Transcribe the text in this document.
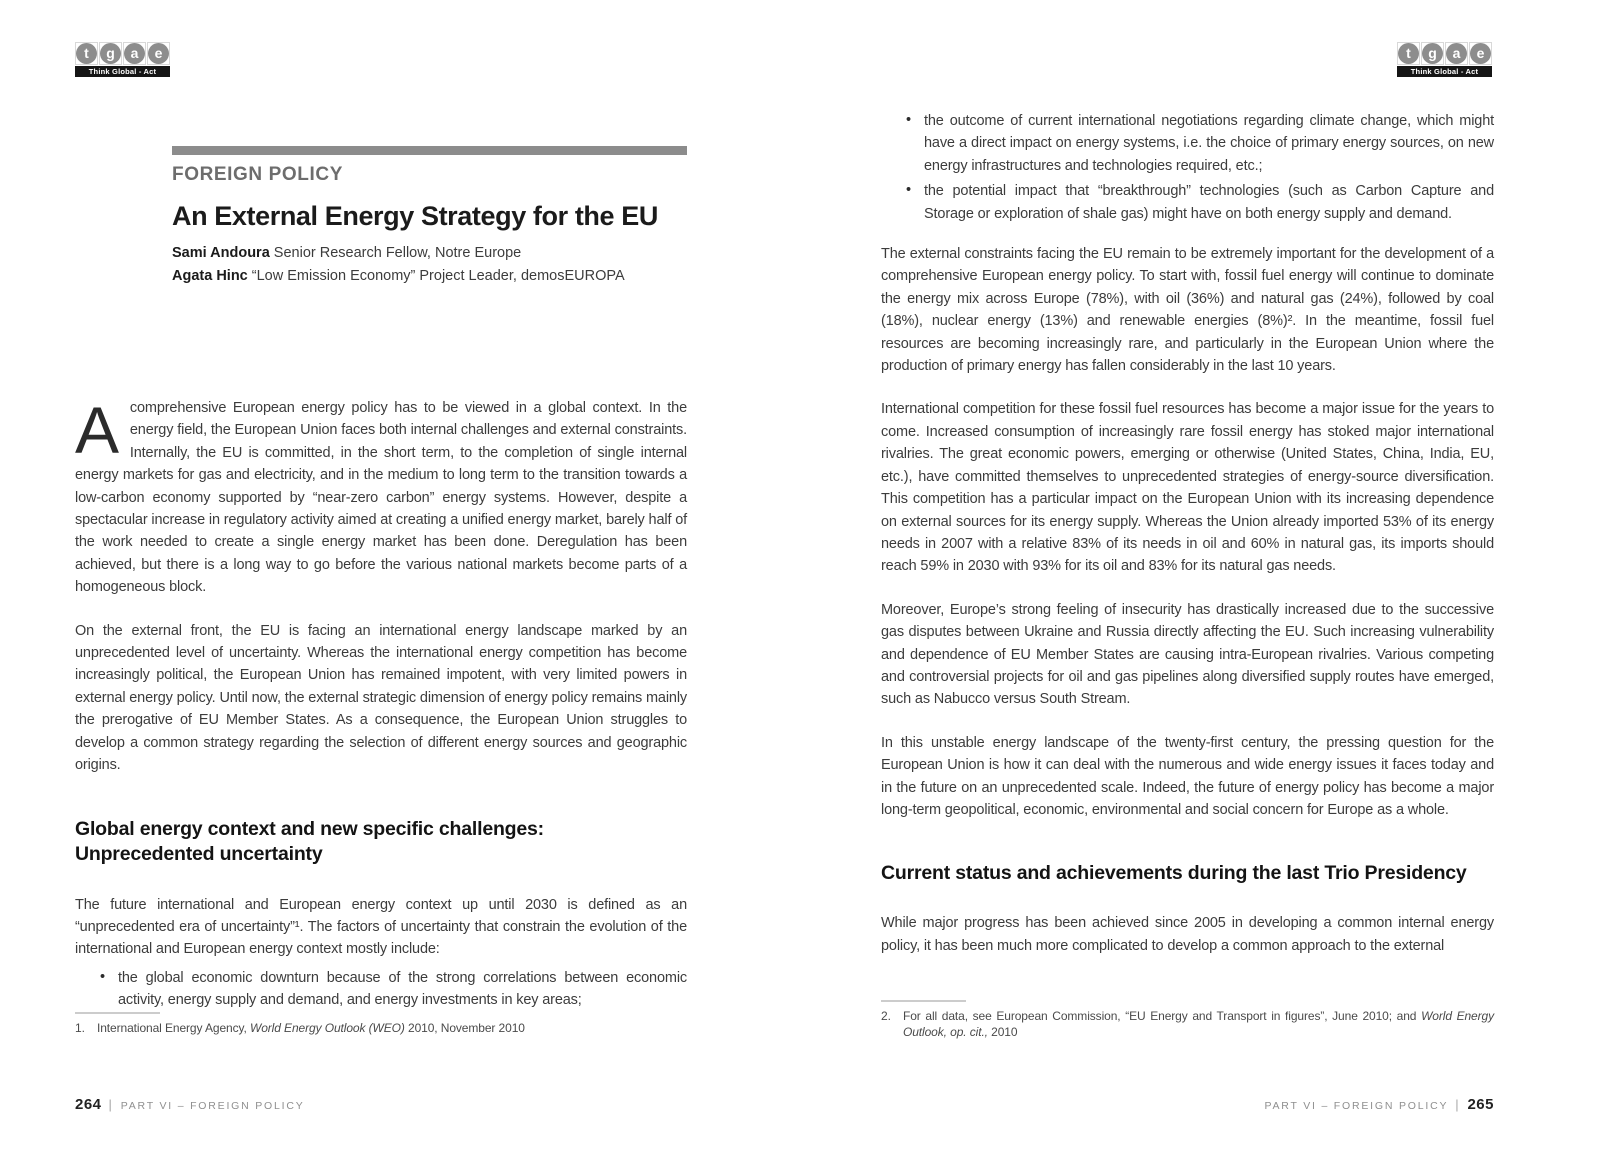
t	g	a	e
Think Global - Act European
t	g	a	e
Think Global - Act European
FOREIGN POLICY
An External Energy Strategy for the EU
Sami Andoura Senior Research Fellow, Notre Europe
Agata Hinc “Low Emission Economy” Project Leader, demosEUROPA

Acomprehensive European energy policy has to be viewed in a global context. In the energy field, the European Union faces both internal challenges and external constraints. Internally, the EU is committed, in the short term, to the completion of single internal energy markets for gas and electricity, and in the medium to long term to the transition towards a low-carbon economy supported by “near-zero carbon” energy systems. However, despite a spectacular increase in regulatory activity aimed at creating a unified energy market, barely half of the work needed to create a single energy market has been done. Deregulation has been achieved, but there is a long way to go before the various national markets become parts of a homogeneous block.

On the external front, the EU is facing an international energy landscape marked by an unprecedented level of uncertainty. Whereas the international energy competition has become increasingly political, the European Union has remained impotent, with very limited powers in external energy policy. Until now, the external strategic dimension of energy policy remains mainly the prerogative of EU Member States. As a consequence, the European Union struggles to develop a common strategy regarding the selection of different energy sources and geographic origins.

Global energy context and new specific challenges:
Unprecedented uncertainty

The future international and European energy context up until 2030 is defined as an “unprecedented era of uncertainty”¹. The factors of uncertainty that constrain the evolution of the international and European energy context mostly include:

• the global economic downturn because of the strong correlations between economic activity, energy supply and demand, and energy investments in key areas;
1. International Energy Agency, World Energy Outlook (WEO) 2010, November 2010
264 | PART VI – FOREIGN POLICY
• the outcome of current international negotiations regarding climate change, which might have a direct impact on energy systems, i.e. the choice of primary energy sources, on new energy infrastructures and technologies required, etc.;
• the potential impact that “breakthrough” technologies (such as Carbon Capture and Storage or exploration of shale gas) might have on both energy supply and demand.

The external constraints facing the EU remain to be extremely important for the development of a comprehensive European energy policy. To start with, fossil fuel energy will continue to dominate the energy mix across Europe (78%), with oil (36%) and natural gas (24%), followed by coal (18%), nuclear energy (13%) and renewable energies (8%)². In the meantime, fossil fuel resources are becoming increasingly rare, and particularly in the European Union where the production of primary energy has fallen considerably in the last 10 years.

International competition for these fossil fuel resources has become a major issue for the years to come. Increased consumption of increasingly rare fossil energy has stoked major international rivalries. The great economic powers, emerging or otherwise (United States, China, India, EU, etc.), have committed themselves to unprecedented strategies of energy-source diversification. This competition has a particular impact on the European Union with its increasing dependence on external sources for its energy supply. Whereas the Union already imported 53% of its energy needs in 2007 with a relative 83% of its needs in oil and 60% in natural gas, its imports should reach 59% in 2030 with 93% for its oil and 83% for its natural gas needs.

Moreover, Europe’s strong feeling of insecurity has drastically increased due to the successive gas disputes between Ukraine and Russia directly affecting the EU. Such increasing vulnerability and dependence of EU Member States are causing intra-European rivalries. Various competing and controversial projects for oil and gas pipelines along diversified supply routes have emerged, such as Nabucco versus South Stream.

In this unstable energy landscape of the twenty-first century, the pressing question for the European Union is how it can deal with the numerous and wide energy issues it faces today and in the future on an unprecedented scale. Indeed, the future of energy policy has become a major long-term geopolitical, economic, environmental and social concern for Europe as a whole.

Current status and achievements during the last Trio Presidency

While major progress has been achieved since 2005 in developing a common internal energy policy, it has been much more complicated to develop a common approach to the external

2. For all data, see European Commission, “EU Energy and Transport in figures”, June 2010; and World Energy Outlook, op. cit., 2010
PART VI – FOREIGN POLICY | 265
